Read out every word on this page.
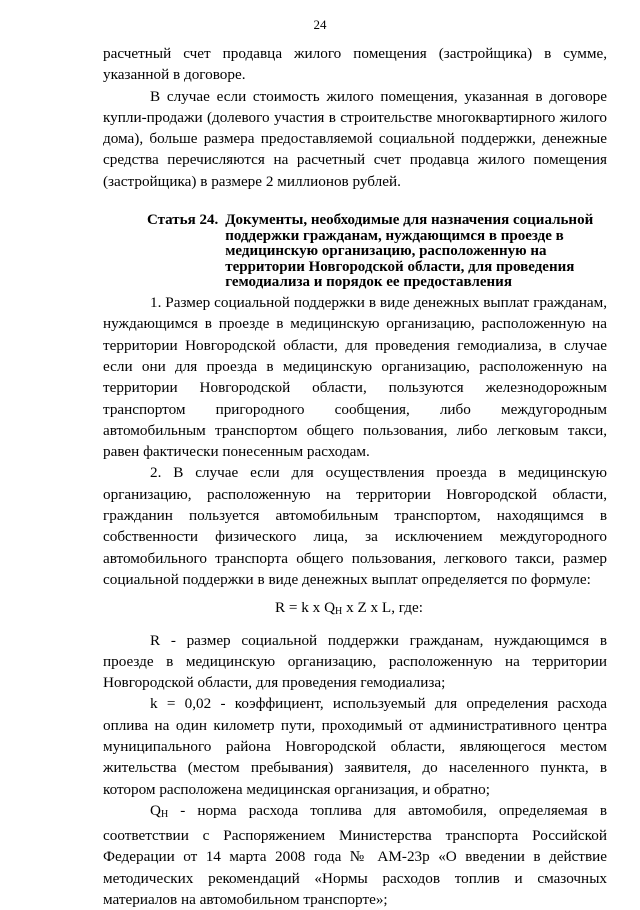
24

расчетный счет продавца жилого помещения (застройщика) в сумме, указанной в договоре.

В случае если стоимость жилого помещения, указанная в договоре купли-продажи (долевого участия в строительстве многоквартирного жилого дома), больше размера предоставляемой социальной поддержки, денежные средства перечисляются на расчетный счет продавца жилого помещения (застройщика) в размере 2 миллионов рублей.

Статья 24. Документы, необходимые для назначения социальной поддержки гражданам, нуждающимся в проезде в медицинскую организацию, расположенную на территории Новгородской области, для проведения гемодиализа и порядок ее предоставления

1. Размер социальной поддержки в виде денежных выплат гражданам, нуждающимся в проезде в медицинскую организацию, расположенную на территории Новгородской области, для проведения гемодиализа, в случае если они для проезда в медицинскую организацию, расположенную на территории Новгородской области, пользуются железнодорожным транспортом пригородного сообщения, либо междугородным автомобильным транспортом общего пользования, либо легковым такси, равен фактически понесенным расходам.

2. В случае если для осуществления проезда в медицинскую организацию, расположенную на территории Новгородской области, гражданин пользуется автомобильным транспортом, находящимся в собственности физического лица, за исключением междугородного автомобильного транспорта общего пользования, легкового такси, размер социальной поддержки в виде денежных выплат определяется по формуле:

R = k x $Q_Н$ x Z x L, где:

R - размер социальной поддержки гражданам, нуждающимся в проезде в медицинскую организацию, расположенную на территории Новгородской области, для проведения гемодиализа;

k = 0,02 - коэффициент, используемый для определения расхода оплива на один километр пути, проходимый от административного центра муниципального района Новгородской области, являющегося местом жительства (местом пребывания) заявителя, до населенного пункта, в котором расположена медицинская организация, и обратно;

$Q_Н$ - норма расхода топлива для автомобиля, определяемая в соответствии с Распоряжением Министерства транспорта Российской Федерации от 14 марта 2008 года № АМ-23р «О введении в действие методических рекомендаций «Нормы расходов топлив и смазочных материалов на автомобильном транспорте»;
